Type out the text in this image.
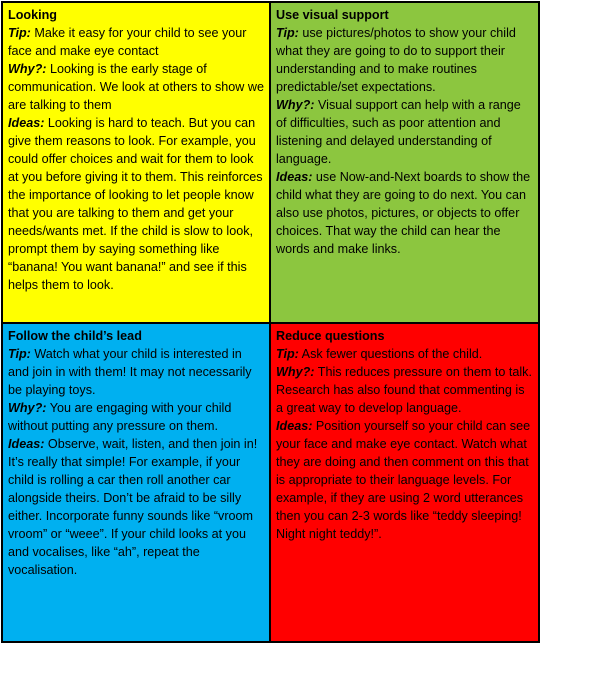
Looking

Tip: Make it easy for your child to see your face and make eye contact

Why?: Looking is the early stage of communication. We look at others to show we are talking to them

Ideas: Looking is hard to teach. But you can give them reasons to look. For example, you could offer choices and wait for them to look at you before giving it to them. This reinforces the importance of looking to let people know that you are talking to them and get your needs/wants met. If the child is slow to look, prompt them by saying something like “banana! You want banana!” and see if this helps them to look.

Use visual support

Tip: use pictures/photos to show your child what they are going to do to support their understanding and to make routines predictable/set expectations.

Why?: Visual support can help with a range of difficulties, such as poor attention and listening and delayed understanding of language.

Ideas: use Now-and-Next boards to show the child what they are going to do next. You can also use photos, pictures, or objects to offer choices. That way the child can hear the words and make links.

Follow the child’s lead

Tip: Watch what your child is interested in and join in with them! It may not necessarily be playing toys.

Why?: You are engaging with your child without putting any pressure on them.

Ideas: Observe, wait, listen, and then join in! It’s really that simple! For example, if your child is rolling a car then roll another car alongside theirs. Don’t be afraid to be silly either. Incorporate funny sounds like “vroom vroom” or “weee”. If your child looks at you and vocalises, like “ah”, repeat the vocalisation.

Reduce questions

Tip: Ask fewer questions of the child.

Why?: This reduces pressure on them to talk. Research has also found that commenting is a great way to develop language.

Ideas: Position yourself so your child can see your face and make eye contact. Watch what they are doing and then comment on this that is appropriate to their language levels. For example, if they are using 2 word utterances then you can 2-3 words like “teddy sleeping! Night night teddy!”.
